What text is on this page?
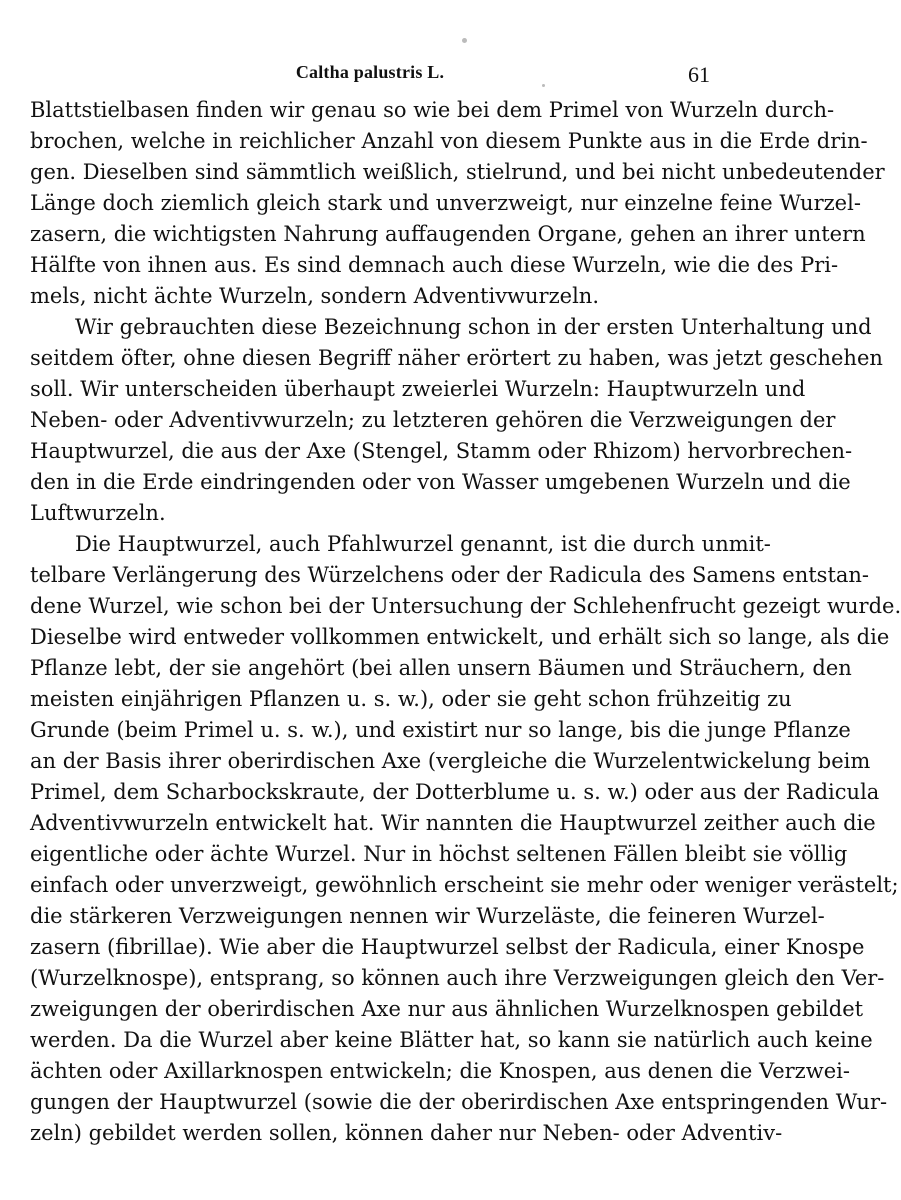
Caltha palustris L.	61
Blattstielbasen finden wir genau so wie bei dem Primel von Wurzeln durch-
brochen, welche in reichlicher Anzahl von diesem Punkte aus in die Erde drin-
gen. Dieselben sind sämmtlich weißlich, stielrund, und bei nicht unbedeutender
Länge doch ziemlich gleich stark und unverzweigt, nur einzelne feine Wurzel-
zasern, die wichtigsten Nahrung auffaugenden Organe, gehen an ihrer untern
Hälfte von ihnen aus. Es sind demnach auch diese Wurzeln, wie die des Pri-
mels, nicht ächte Wurzeln, sondern Adventivwurzeln.
Wir gebrauchten diese Bezeichnung schon in der ersten Unterhaltung und
seitdem öfter, ohne diesen Begriff näher erörtert zu haben, was jetzt geschehen
soll. Wir unterscheiden überhaupt zweierlei Wurzeln: Hauptwurzeln und
Neben- oder Adventivwurzeln; zu letzteren gehören die Verzweigungen der
Hauptwurzel, die aus der Axe (Stengel, Stamm oder Rhizom) hervorbrechen-
den in die Erde eindringenden oder von Wasser umgebenen Wurzeln und die
Luftwurzeln.
Die Hauptwurzel, auch Pfahlwurzel genannt, ist die durch unmit-
telbare Verlängerung des Würzelchens oder der Radicula des Samens entstan-
dene Wurzel, wie schon bei der Untersuchung der Schlehenfrucht gezeigt wurde.
Dieselbe wird entweder vollkommen entwickelt, und erhält sich so lange, als die
Pflanze lebt, der sie angehört (bei allen unsern Bäumen und Sträuchern, den
meisten einjährigen Pflanzen u. s. w.), oder sie geht schon frühzeitig zu
Grunde (beim Primel u. s. w.), und existirt nur so lange, bis die junge Pflanze
an der Basis ihrer oberirdischen Axe (vergleiche die Wurzelentwickelung beim
Primel, dem Scharbockskraute, der Dotterblume u. s. w.) oder aus der Radicula
Adventivwurzeln entwickelt hat. Wir nannten die Hauptwurzel zeither auch die
eigentliche oder ächte Wurzel. Nur in höchst seltenen Fällen bleibt sie völlig
einfach oder unverzweigt, gewöhnlich erscheint sie mehr oder weniger verästelt;
die stärkeren Verzweigungen nennen wir Wurzeläste, die feineren Wurzel-
zasern (fibrillae). Wie aber die Hauptwurzel selbst der Radicula, einer Knospe
(Wurzelknospe), entsprang, so können auch ihre Verzweigungen gleich den Ver-
zweigungen der oberirdischen Axe nur aus ähnlichen Wurzelknospen gebildet
werden. Da die Wurzel aber keine Blätter hat, so kann sie natürlich auch keine
ächten oder Axillarknospen entwickeln; die Knospen, aus denen die Verzwei-
gungen der Hauptwurzel (sowie die der oberirdischen Axe entspringenden Wur-
zeln) gebildet werden sollen, können daher nur Neben- oder Adventiv-
